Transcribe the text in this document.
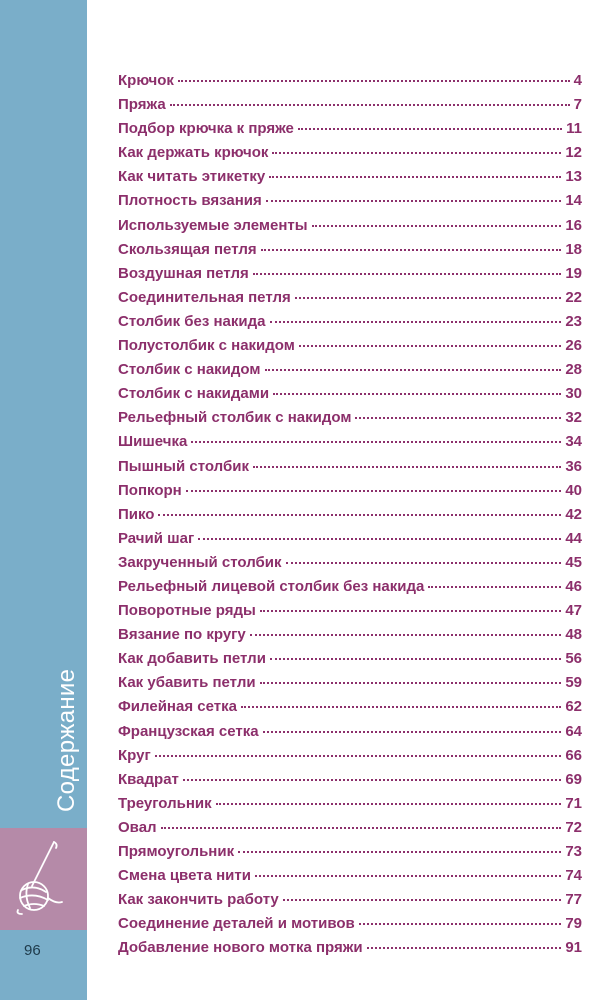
Содержание
96
Крючок	4
Пряжа	7
Подбор крючка к пряже	11
Как держать крючок	12
Как читать этикетку	13
Плотность вязания	14
Используемые элементы	16
Скользящая петля	18
Воздушная петля	19
Соединительная петля	22
Столбик без накида	23
Полустолбик с накидом	26
Столбик с накидом	28
Столбик с накидами	30
Рельефный столбик с накидом	32
Шишечка	34
Пышный столбик	36
Попкорн	40
Пико	42
Рачий шаг	44
Закрученный столбик	45
Рельефный лицевой столбик без накида	46
Поворотные ряды	47
Вязание по кругу	48
Как добавить петли	56
Как убавить петли	59
Филейная сетка	62
Французская сетка	64
Круг	66
Квадрат	69
Треугольник	71
Овал	72
Прямоугольник	73
Смена цвета нити	74
Как закончить работу	77
Соединение деталей и мотивов	79
Добавление нового мотка пряжи	91
